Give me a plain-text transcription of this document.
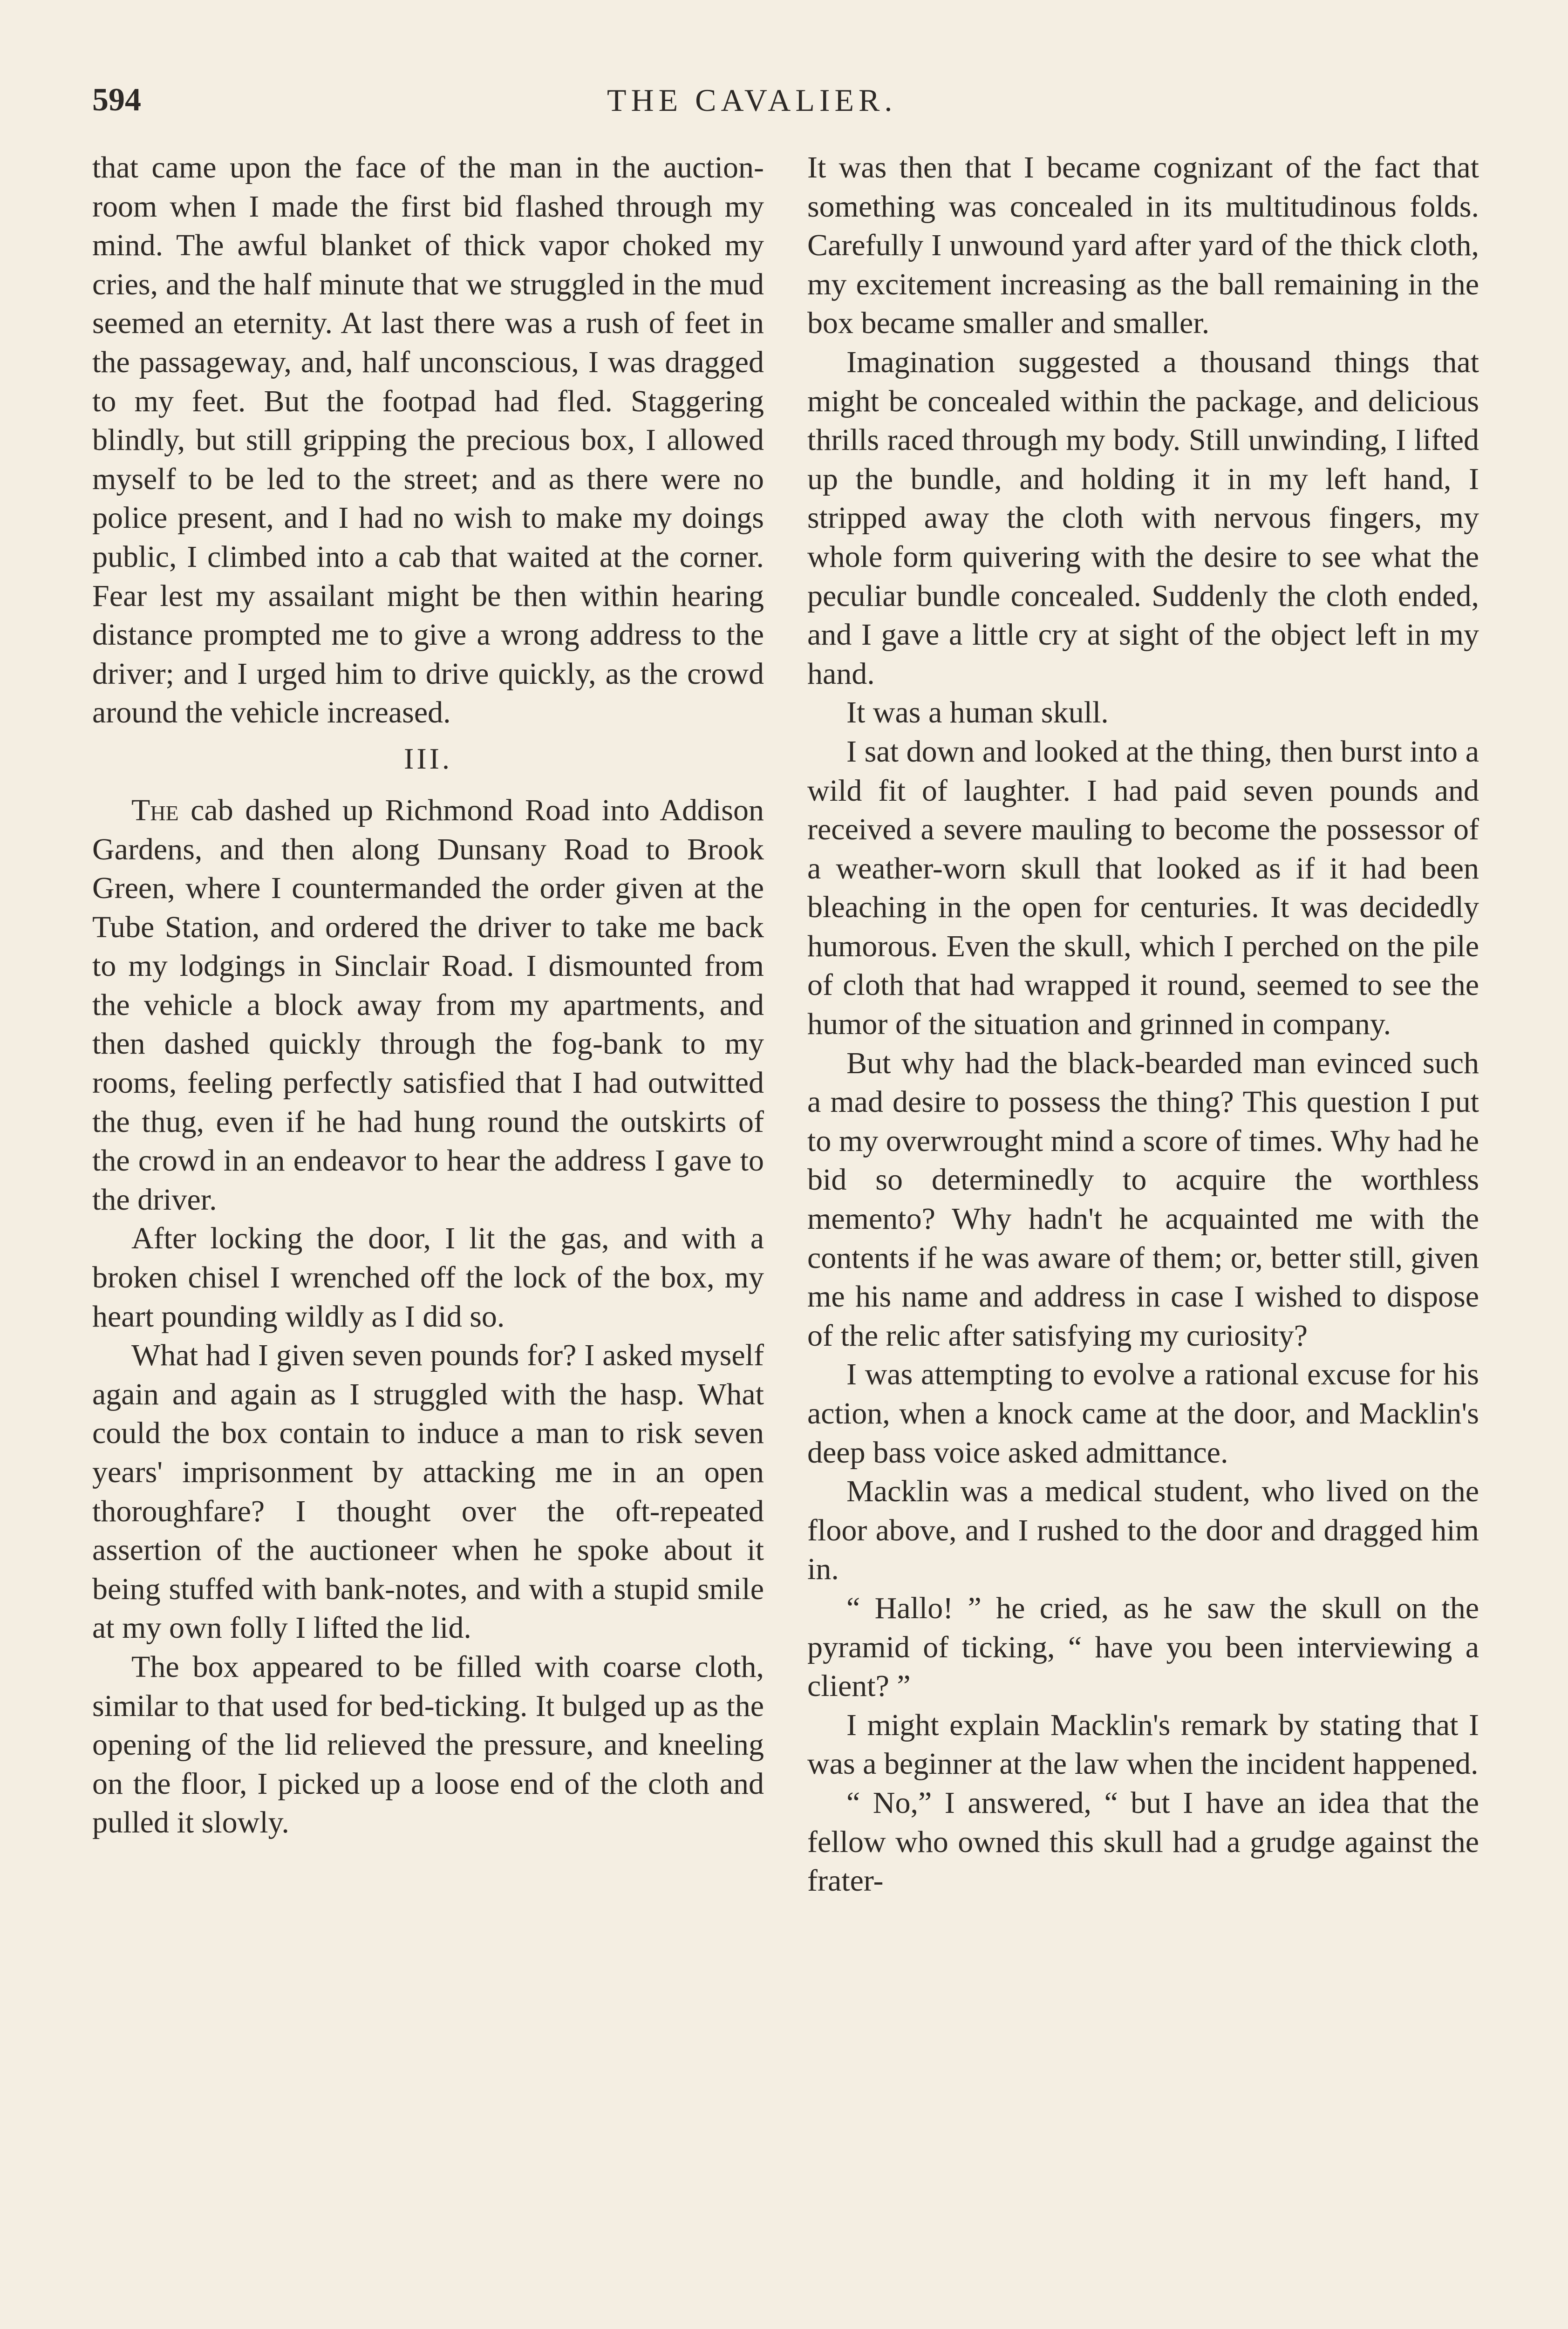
594	THE CAVALIER.

that came upon the face of the man in the auction-room when I made the first bid flashed through my mind. The awful blanket of thick vapor choked my cries, and the half minute that we struggled in the mud seemed an eternity. At last there was a rush of feet in the passageway, and, half unconscious, I was dragged to my feet. But the footpad had fled. Staggering blindly, but still gripping the precious box, I allowed myself to be led to the street; and as there were no police present, and I had no wish to make my doings public, I climbed into a cab that waited at the corner. Fear lest my assailant might be then within hearing distance prompted me to give a wrong address to the driver; and I urged him to drive quickly, as the crowd around the vehicle increased.

III.

The cab dashed up Richmond Road into Addison Gardens, and then along Dunsany Road to Brook Green, where I countermanded the order given at the Tube Station, and ordered the driver to take me back to my lodgings in Sinclair Road. I dismounted from the vehicle a block away from my apartments, and then dashed quickly through the fog-bank to my rooms, feeling perfectly satisfied that I had outwitted the thug, even if he had hung round the outskirts of the crowd in an endeavor to hear the address I gave to the driver.

After locking the door, I lit the gas, and with a broken chisel I wrenched off the lock of the box, my heart pounding wildly as I did so.

What had I given seven pounds for? I asked myself again and again as I struggled with the hasp. What could the box contain to induce a man to risk seven years' imprisonment by attacking me in an open thoroughfare? I thought over the oft-repeated assertion of the auctioneer when he spoke about it being stuffed with bank-notes, and with a stupid smile at my own folly I lifted the lid.

The box appeared to be filled with coarse cloth, similar to that used for bed-ticking. It bulged up as the opening of the lid relieved the pressure, and kneeling on the floor, I picked up a loose end of the cloth and pulled it slowly.

It was then that I became cognizant of the fact that something was concealed in its multitudinous folds. Carefully I unwound yard after yard of the thick cloth, my excitement increasing as the ball remaining in the box became smaller and smaller.

Imagination suggested a thousand things that might be concealed within the package, and delicious thrills raced through my body. Still unwinding, I lifted up the bundle, and holding it in my left hand, I stripped away the cloth with nervous fingers, my whole form quivering with the desire to see what the peculiar bundle concealed. Suddenly the cloth ended, and I gave a little cry at sight of the object left in my hand.

It was a human skull.

I sat down and looked at the thing, then burst into a wild fit of laughter. I had paid seven pounds and received a severe mauling to become the possessor of a weather-worn skull that looked as if it had been bleaching in the open for centuries. It was decidedly humorous. Even the skull, which I perched on the pile of cloth that had wrapped it round, seemed to see the humor of the situation and grinned in company.

But why had the black-bearded man evinced such a mad desire to possess the thing? This question I put to my overwrought mind a score of times. Why had he bid so determinedly to acquire the worthless memento? Why hadn't he acquainted me with the contents if he was aware of them; or, better still, given me his name and address in case I wished to dispose of the relic after satisfying my curiosity?

I was attempting to evolve a rational excuse for his action, when a knock came at the door, and Macklin's deep bass voice asked admittance.

Macklin was a medical student, who lived on the floor above, and I rushed to the door and dragged him in.

“ Hallo! ” he cried, as he saw the skull on the pyramid of ticking, “ have you been interviewing a client? ”

I might explain Macklin's remark by stating that I was a beginner at the law when the incident happened.

“ No,” I answered, “ but I have an idea that the fellow who owned this skull had a grudge against the frater-
